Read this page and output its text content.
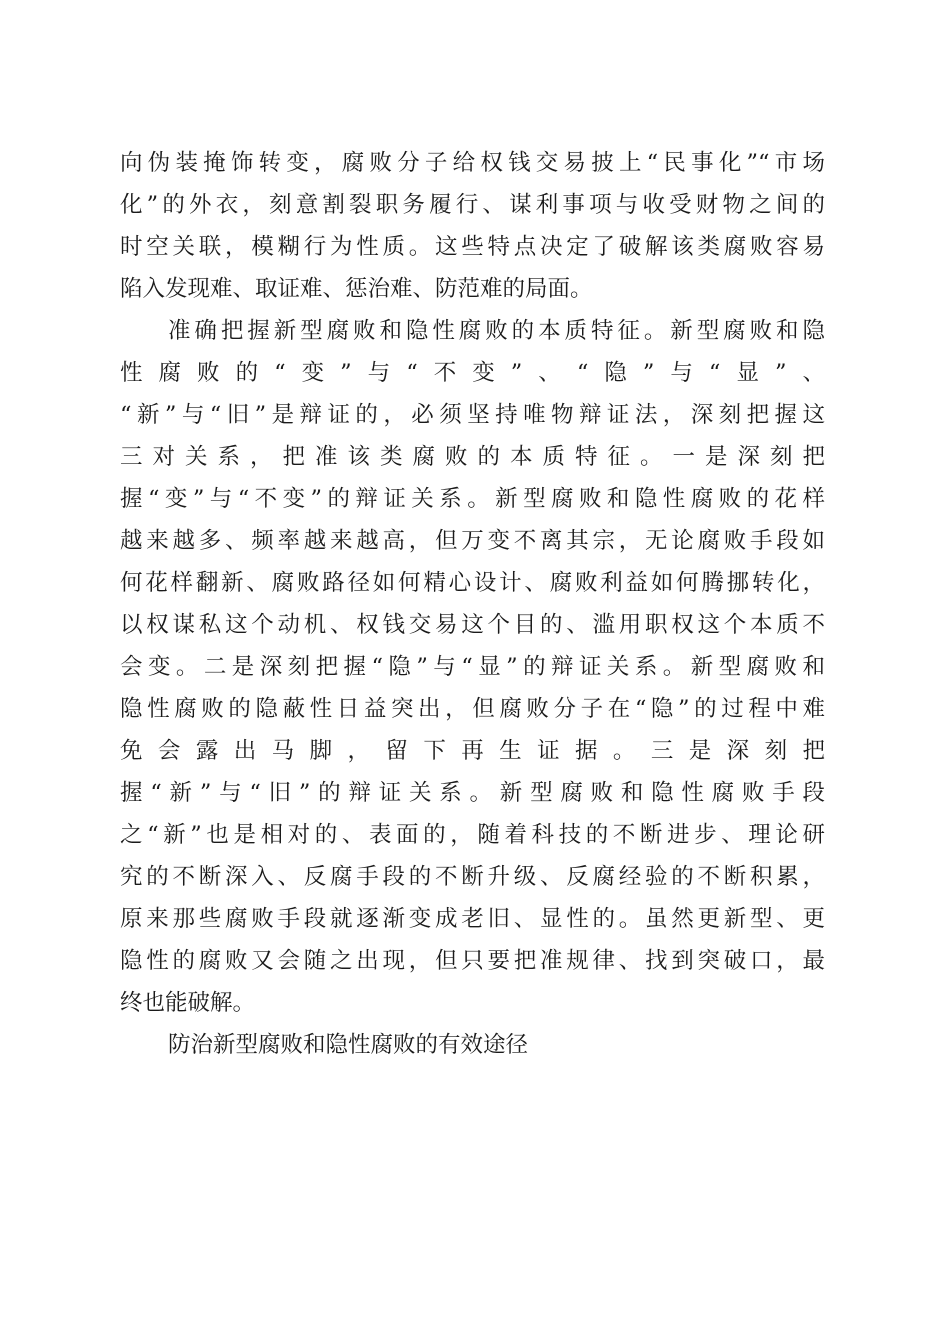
向伪装掩饰转变，腐败分子给权钱交易披上“民事化”“市场
化”的外衣，刻意割裂职务履行、谋利事项与收受财物之间的
时空关联，模糊行为性质。这些特点决定了破解该类腐败容易
陷入发现难、取证难、惩治难、防范难的局面。
准确把握新型腐败和隐性腐败的本质特征。新型腐败和隐
性腐败的“变”与“不变”、“隐”与“显”、
“新”与“旧”是辩证的，必须坚持唯物辩证法，深刻把握这
三对关系，把准该类腐败的本质特征。一是深刻把
握“变”与“不变”的辩证关系。新型腐败和隐性腐败的花样
越来越多、频率越来越高，但万变不离其宗，无论腐败手段如
何花样翻新、腐败路径如何精心设计、腐败利益如何腾挪转化，
以权谋私这个动机、权钱交易这个目的、滥用职权这个本质不
会变。二是深刻把握“隐”与“显”的辩证关系。新型腐败和
隐性腐败的隐蔽性日益突出，但腐败分子在“隐”的过程中难
免会露出马脚，留下再生证据。三是深刻把
握“新”与“旧”的辩证关系。新型腐败和隐性腐败手段
之“新”也是相对的、表面的，随着科技的不断进步、理论研
究的不断深入、反腐手段的不断升级、反腐经验的不断积累，
原来那些腐败手段就逐渐变成老旧、显性的。虽然更新型、更
隐性的腐败又会随之出现，但只要把准规律、找到突破口，最
终也能破解。
防治新型腐败和隐性腐败的有效途径
